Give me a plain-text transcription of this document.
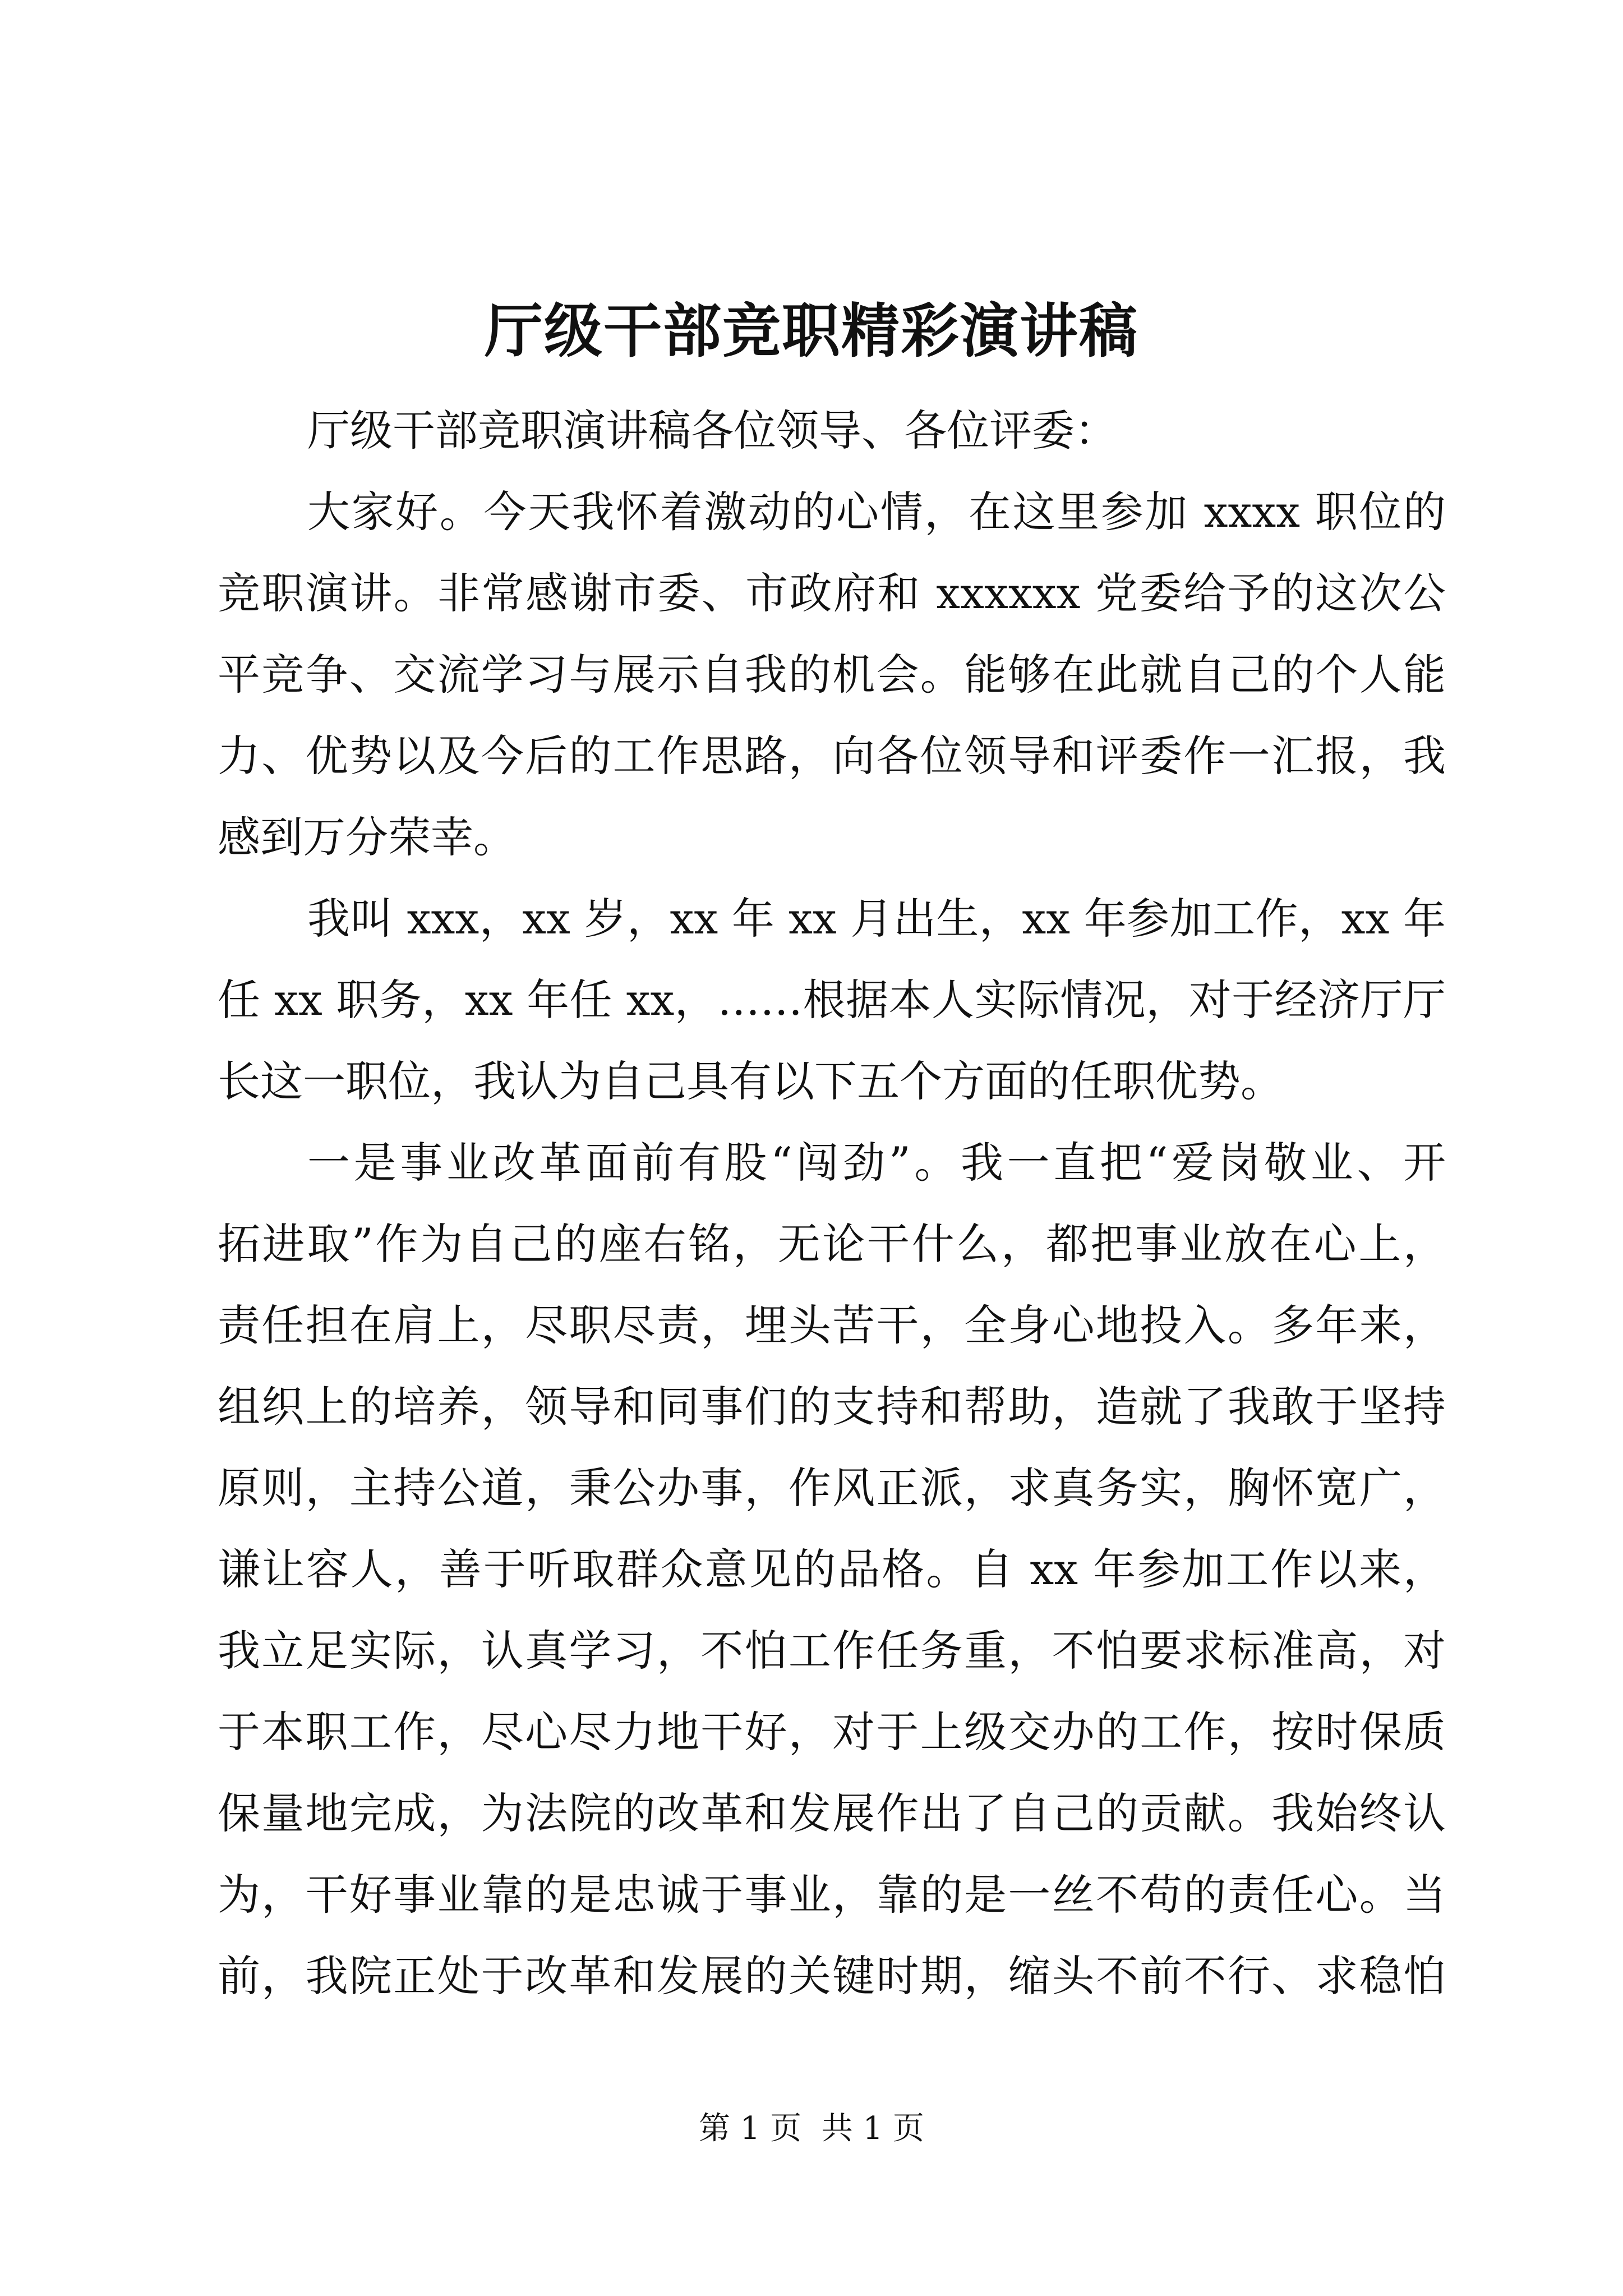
厅级干部竞职精彩演讲稿
厅级干部竞职演讲稿各位领导、各位评委：
大家好。今天我怀着激动的心情，在这里参加 xxxx 职位的
竞职演讲。非常感谢市委、市政府和 xxxxxx 党委给予的这次公
平竞争、交流学习与展示自我的机会。能够在此就自己的个人能
力、优势以及今后的工作思路，向各位领导和评委作一汇报，我
感到万分荣幸。
我叫 xxx，xx 岁，xx 年 xx 月出生，xx 年参加工作，xx 年
任 xx 职务，xx 年任 xx，……根据本人实际情况，对于经济厅厅
长这一职位，我认为自己具有以下五个方面的任职优势。
一是事业改革面前有股“闯劲”。我一直把“爱岗敬业、开
拓进取”作为自己的座右铭，无论干什么，都把事业放在心上，
责任担在肩上，尽职尽责，埋头苦干，全身心地投入。多年来，
组织上的培养，领导和同事们的支持和帮助，造就了我敢于坚持
原则，主持公道，秉公办事，作风正派，求真务实，胸怀宽广，
谦让容人，善于听取群众意见的品格。自 xx 年参加工作以来，
我立足实际，认真学习，不怕工作任务重，不怕要求标准高，对
于本职工作，尽心尽力地干好，对于上级交办的工作，按时保质
保量地完成，为法院的改革和发展作出了自己的贡献。我始终认
为，干好事业靠的是忠诚于事业，靠的是一丝不苟的责任心。当
前，我院正处于改革和发展的关键时期，缩头不前不行、求稳怕
第 1 页  共 1 页
